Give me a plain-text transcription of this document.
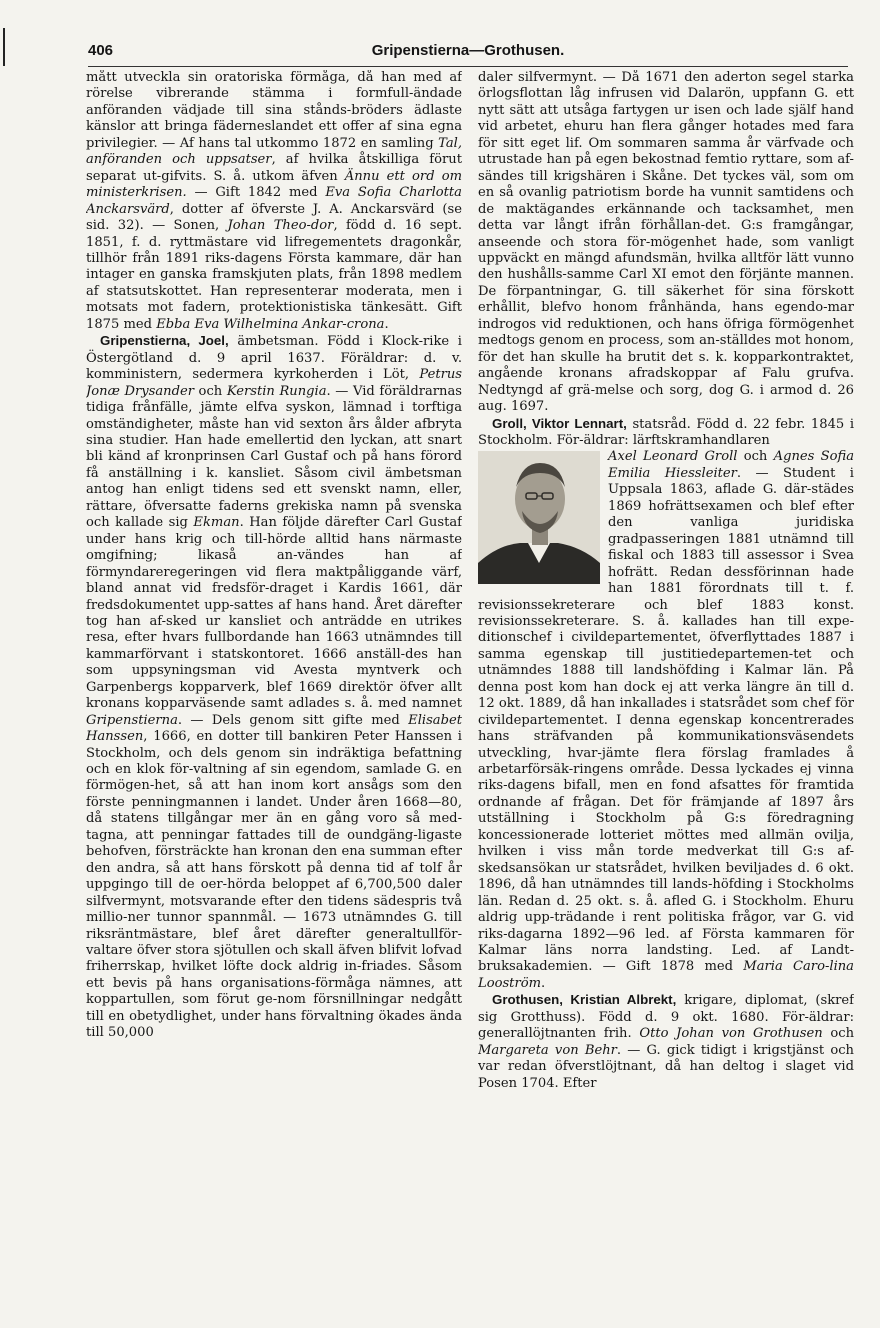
406	Gripenstierna—Grothusen.

mått utveckla sin oratoriska förmåga, då han med af rörelse vibrerande stämma i formfull-ändade anföranden vädjade till sina stånds-bröders ädlaste känslor att bringa fäderneslandet ett offer af sina egna privilegier. — Af hans tal utkommo 1872 en samling Tal, anföranden och uppsatser, af hvilka åtskilliga förut separat ut-gifvits. S. å. utkom äfven Ännu ett ord om ministerkrisen. — Gift 1842 med Eva Sofia Charlotta Anckarsvärd, dotter af öfverste J. A. Anckarsvärd (se sid. 32). — Sonen, Johan Theo-dor, född d. 16 sept. 1851, f. d. ryttmästare vid lifregementets dragonkår, tillhör från 1891 riks-dagens Första kammare, där han intager en ganska framskjuten plats, från 1898 medlem af statsutskottet. Han representerar moderata, men i motsats mot fadern, protektionistiska tänkesätt. Gift 1875 med Ebba Eva Wilhelmina Ankar-crona.

Gripenstierna, Joel, ämbetsman. Född i Klock-rike i Östergötland d. 9 april 1637. Föräldrar: d. v. komministern, sedermera kyrkoherden i Löt, Petrus Jonæ Drysander och Kerstin Rungia. — Vid föräldrarnas tidiga frånfälle, jämte elfva syskon, lämnad i torftiga omständigheter, måste han vid sexton års ålder afbryta sina studier. Han hade emellertid den lyckan, att snart bli känd af kronprinsen Carl Gustaf och på hans förord få anställning i k. kansliet. Såsom civil ämbetsman antog han enligt tidens sed ett svenskt namn, eller, rättare, öfversatte faderns grekiska namn på svenska och kallade sig Ekman. Han följde därefter Carl Gustaf under hans krig och till-hörde alltid hans närmaste omgifning; likaså an-vändes han af förmyndareregeringen vid flera maktpåliggande värf, bland annat vid fredsför-draget i Kardis 1661, där fredsdokumentet upp-sattes af hans hand. Året därefter tog han af-sked ur kansliet och anträdde en utrikes resa, efter hvars fullbordande han 1663 utnämndes till kammarförvant i statskontoret. 1666 anställ-des han som uppsyningsman vid Avesta myntverk och Garpenbergs kopparverk, blef 1669 direktör öfver allt kronans kopparväsende samt adlades s. å. med namnet Gripenstierna. — Dels genom sitt gifte med Elisabet Hanssen, 1666, en dotter till bankiren Peter Hanssen i Stockholm, och dels genom sin indräktiga befattning och en klok för-valtning af sin egendom, samlade G. en förmögen-het, så att han inom kort ansågs som den förste penningmannen i landet. Under åren 1668—80, då statens tillgångar mer än en gång voro så med-tagna, att penningar fattades till de oundgäng-ligaste behofven, försträckte han kronan den ena summan efter den andra, så att hans förskott på denna tid af tolf år uppgingo till de oer-hörda beloppet af 6,700,500 daler silfvermynt, motsvarande efter den tidens sädespris två millio-ner tunnor spannmål. — 1673 utnämndes G. till riksräntmästare, blef året därefter generaltullför-valtare öfver stora sjötullen och skall äfven blifvit lofvad friherrskap, hvilket löfte dock aldrig in-friades. Såsom ett bevis på hans organisations-förmåga nämnes, att koppartullen, som förut ge-nom försnillningar nedgått till en obetydlighet, under hans förvaltning ökades ända till 50,000

daler silfvermynt. — Då 1671 den aderton segel starka örlogsflottan låg infrusen vid Dalarön, uppfann G. ett nytt sätt att utsåga fartygen ur isen och lade själf hand vid arbetet, ehuru han flera gånger hotades med fara för sitt eget lif. Om sommaren samma år värfvade och utrustade han på egen bekostnad femtio ryttare, som af-sändes till krigshären i Skåne. Det tyckes väl, som om en så ovanlig patriotism borde ha vunnit samtidens och de maktägandes erkännande och tacksamhet, men detta var långt ifrån förhållan-det. G:s framgångar, anseende och stora för-mögenhet hade, som vanligt uppväckt en mängd afundsmän, hvilka alltför lätt vunno den hushålls-samme Carl XI emot den förjänte mannen. De förpantningar, G. till säkerhet för sina förskott erhållit, blefvo honom frånhända, hans egendo-mar indrogos vid reduktionen, och hans öfriga förmögenhet medtogs genom en process, som an-ställdes mot honom, för det han skulle ha brutit det s. k. kopparkontraktet, angående kronans afradskoppar af Falu grufva. Nedtyngd af grä-melse och sorg, dog G. i armod d. 26 aug. 1697.

Groll, Viktor Lennart, statsråd. Född d. 22 febr. 1845 i Stockholm. För-äldrar: lärftskramhandlaren

Axel Leonard Groll och Agnes Sofia Emilia Hiessleiter. — Student i Uppsala 1863, aflade G. där-städes 1869 hofrättsexamen och blef efter den vanliga juridiska gradpasseringen 1881 utnämnd till fiskal och 1883 till assessor i Svea hofrätt. Redan dessförinnan hade han 1881 förordnats till t. f. revisionssekreterare och blef 1883 konst. revisionssekreterare. S. å. kallades han till expe-ditionschef i civildepartementet, öfverflyttades 1887 i samma egenskap till justitiedepartemen-tet och utnämndes 1888 till landshöfding i Kalmar län. På denna post kom han dock ej att verka längre än till d. 12 okt. 1889, då han inkallades i statsrådet som chef för civildepartementet. I denna egenskap koncentrerades hans sträfvanden på kommunikationsväsendets utveckling, hvar-jämte flera förslag framlades å arbetarförsäk-ringens område. Dessa lyckades ej vinna riks-dagens bifall, men en fond afsattes för framtida ordnande af frågan. Det för främjande af 1897 års utställning i Stockholm på G:s föredragning koncessionerade lotteriet möttes med allmän ovilja, hvilken i viss mån torde medverkat till G:s af-skedsansökan ur statsrådet, hvilken beviljades d. 6 okt. 1896, då han utnämndes till lands-höfding i Stockholms län. Redan d. 25 okt. s. å. afled G. i Stockholm. Ehuru aldrig upp-trädande i rent politiska frågor, var G. vid riks-dagarna 1892—96 led. af Första kammaren för Kalmar läns norra landsting. Led. af Landt-bruksakademien. — Gift 1878 med Maria Caro-lina Looström.

Grothusen, Kristian Albrekt, krigare, diplomat, (skref sig Grotthuss). Född d. 9 okt. 1680. För-äldrar: generallöjtnanten frih. Otto Johan von Grothusen och Margareta von Behr. — G. gick tidigt i krigstjänst och var redan öfverstlöjtnant, då han deltog i slaget vid Posen 1704. Efter
